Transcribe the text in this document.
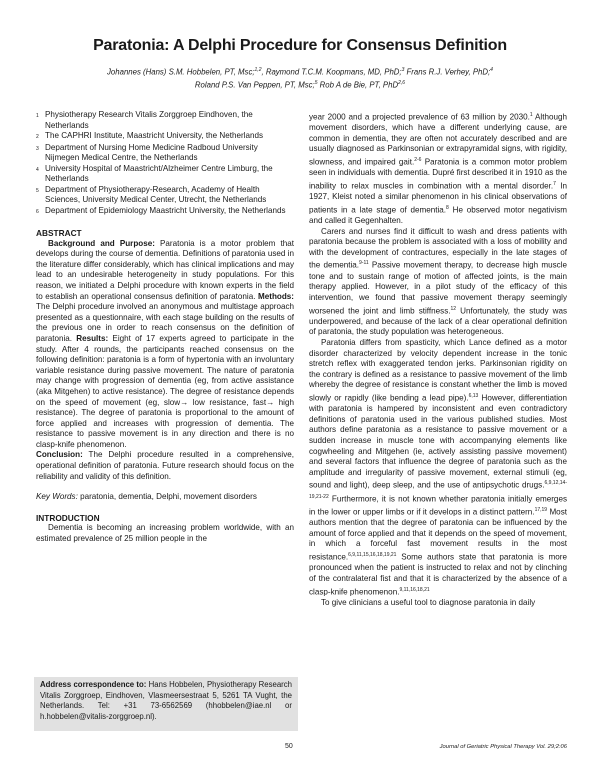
Paratonia: A Delphi Procedure for Consensus Definition
Johannes (Hans) S.M. Hobbelen, PT, Msc;$^{1,2}$, Raymond T.C.M. Koopmans, MD, PhD;$^3$ Frans R.J. Verhey, PhD;$^4$
Roland P.S. Van Peppen, PT, Msc;$^5$ Rob A de Bie, PT, PhD$^{2,6}$
1 Physiotherapy Research Vitalis Zorggroep Eindhoven, the Netherlands
2 The CAPHRI Institute, Maastricht University, the Netherlands
3 Department of Nursing Home Medicine Radboud University Nijmegen Medical Centre, the Netherlands
4 University Hospital of Maastricht/Alzheimer Centre Limburg, the Netherlands
5 Department of Physiotherapy-Research, Academy of Health Sciences, University Medical Center, Utrecht, the Netherlands
6 Department of Epidemiology Maastricht University, the Netherlands

ABSTRACT

Background and Purpose: Paratonia is a motor problem that develops during the course of dementia. Definitions of paratonia used in the literature differ considerably, which has clinical implications and may lead to an undesirable heterogeneity in study populations. For this reason, we initiated a Delphi procedure with known experts in the field to establish an operational consensus definition of paratonia. Methods: The Delphi procedure involved an anonymous and multistage approach presented as a questionnaire, with each stage building on the results of the previous one in order to reach consensus on the definition of paratonia. Results: Eight of 17 experts agreed to participate in the study. After 4 rounds, the participants reached consensus on the following definition: paratonia is a form of hypertonia with an involuntary variable resistance during passive movement. The nature of paratonia may change with progression of dementia (eg, from active assistance (aka Mitgehen) to active resistance). The degree of resistance depends on the speed of movement (eg, slow→ low resistance, fast→ high resistance). The degree of paratonia is proportional to the amount of force applied and increases with progression of dementia. The resistance to passive movement is in any direction and there is no clasp-knife phenomenon.
Conclusion: The Delphi procedure resulted in a comprehensive, operational definition of paratonia. Future research should focus on the reliability and validity of this definition.

Key Words: paratonia, dementia, Delphi, movement disorders

INTRODUCTION

Dementia is becoming an increasing problem worldwide, with an estimated prevalence of 25 million people in the

Address correspondence to: Hans Hobbelen, Physiotherapy Research Vitalis Zorggroep, Eindhoven, Vlasmeersestraat 5, 5261 TA Vught, the Netherlands. Tel: +31 73-6562569 (hhobbelen@iae.nl or h.hobbelen@vitalis-zorggroep.nl).

year 2000 and a projected prevalence of 63 million by 2030.$^1$ Although movement disorders, which have a different underlying cause, are common in dementia, they are often not accurately described and are usually diagnosed as Parkinsonian or extrapyramidal signs, with rigidity, slowness, and impaired gait.$^{2-6}$ Paratonia is a common motor problem seen in individuals with dementia. Dupré first described it in 1910 as the inability to relax muscles in combination with a mental disorder.$^7$ In 1927, Kleist noted a similar phenomenon in his clinical observations of patients in a late stage of dementia.$^8$ He observed motor negativism and called it Gegenhalten.

Carers and nurses find it difficult to wash and dress patients with paratonia because the problem is associated with a loss of mobility and with the development of contractures, especially in the late stages of the dementia.$^{9-11}$ Passive movement therapy, to decrease high muscle tone and to sustain range of motion of affected joints, is the main therapy applied. However, in a pilot study of the efficacy of this intervention, we found that passive movement therapy seemingly worsened the joint and limb stiffness.$^{12}$ Unfortunately, the study was underpowered, and because of the lack of a clear operational definition of paratonia, the study population was heterogeneous.

Paratonia differs from spasticity, which Lance defined as a motor disorder characterized by velocity dependent increase in the tonic stretch reflex with exaggerated tendon jerks. Parkinsonian rigidity on the contrary is defined as a resistance to passive movement of the limb whereby the degree of resistance is constant whether the limb is moved slowly or rapidly (like bending a lead pipe).$^{6,13}$ However, differentiation with paratonia is hampered by inconsistent and even contradictory definitions of paratonia used in the various published studies. Most authors define paratonia as a resistance to passive movement or a sudden increase in muscle tone with accompanying elements like cogwheeling and Mitgehen (ie, actively assisting passive movement) and several factors that influence the degree of paratonia such as the amplitude and irregularity of passive movement, external stimuli (eg, sound and light), deep sleep, and the use of antipsychotic drugs.$^{6,9,12,14-19,21-22}$ Furthermore, it is not known whether paratonia initially emerges in the lower or upper limbs or if it develops in a distinct pattern.$^{17,19}$ Most authors mention that the degree of paratonia can be influenced by the amount of force applied and that it depends on the speed of movement, in which a forceful fast movement results in the most resistance.$^{6,9,11,15,16,18,19,21}$ Some authors state that paratonia is more pronounced when the patient is instructed to relax and not by clinching of the contralateral fist and that it is characterized by the absence of a clasp-knife phenomenon.$^{9,11,16,18,21}$

To give clinicians a useful tool to diagnose paratonia in daily

50	Journal of Geriatric Physical Therapy Vol. 29;2:06
